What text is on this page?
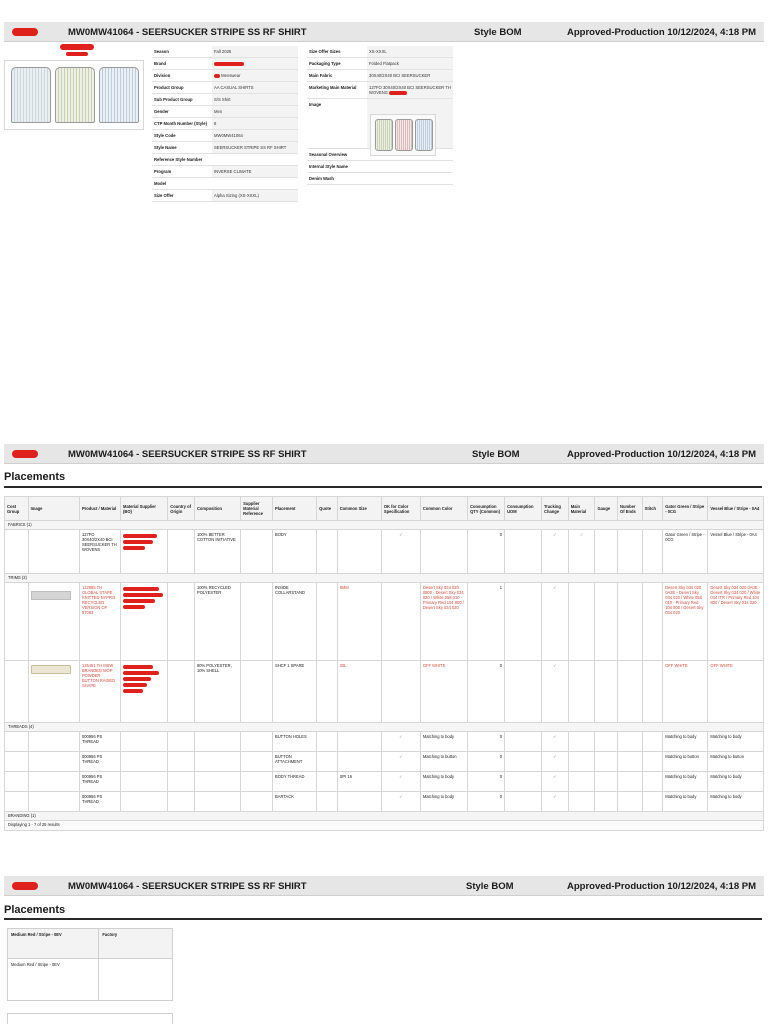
MW0MW41064 - SEERSUCKER STRIPE SS RF SHIRT	Style BOM	Approved-Production 10/12/2024, 4:18 PM
Season	Fall 2025
Brand
Division	Menswear
Product Group	AA CASUAL SHIRTS
Sub Product Group	S/S Shirt
Gender	Men
CTP Month Number (Style)	8
Style Code	MW0MW41064
Style Name	SEERSUCKER STRIPE SS RF SHIRT
Reference Style Number
Program	INVERSE CLIMATE
Model
Size Offer	Alpha Sizing (XS-XXXL)
Size Offer Sizes	XS-XXXL
Packaging Type	Folded Flatpack
Main Fabric	30X40/2X40 BCI SEERSUCKER
Marketing Main Material	127FO 30X40/2X40 BCI SEERSUCKER TH WOVENS
Image
Seasonal Overview
Internal Style Name
Denim Wash
MW0MW41064 - SEERSUCKER STRIPE SS RF SHIRT	Style BOM	Approved-Production 10/12/2024, 4:18 PM
Placements
Cost Group	Image	Product / Material	Material Supplier (BO)	Country of Origin	Composition	Supplier Material Reference	Placement	Quote	Common Size	OK for Color Specification	Common Color	Consumption QTY (Common)	Consumption UOM	Tracking Change	Main Material	Gauge	Number Of Ends	Stitch	Gator Green / Stripe - 0CG	Vessel Blue / Stripe - 0A4
FABRICS (1)																				
		127FO 30X40/2X40 BCI SEERSUCKER TH WOVENS			100% BETTER COTTON INITIATIVE		BODY			✓		0		✓	✓				Gator Green / Stripe - 0CG	Vessel Blue / Stripe - 0A4
TRIMS (2)																				

	122985 TH GLOBAL STAPE KNITTED NYPRO RECYCLED VERSION OF 97093			100% RECYCLED POLYESTER		INSIDE COLLARSTAND		8MM		Desert Sky 034 020 0800 - Desert Sky 034 020 / White 058 010 - Primary Red 104 800 / Desert Sky 034 020	1		✓					Desert Sky 034 020 0A3E - Desert Sky 034 020 / White 058 010 - Primary Red 104 800 / Desert Sky 034 020	Desert Sky 034 020 0A0E - Desert Sky 034 020 / White 034 ITR / Primary Red 104 800 / Desert Sky 034 020

	125451 TH MSW BRANDED MOP POWDER BUTTON RAISED SHAPE			90% POLYESTER, 10% SHELL		SHCF 1 SPARE		20L		OFF WHITE	0		✓					OFF WHITE	OFF WHITE
THREADS (4)																				
		000956 PS THREAD					BUTTON HOLES			✓	Matching to body	0		✓					Matching to body	Matching to body
		000956 PS THREAD					BUTTON ATTACHMENT			✓	Matching to button	0		✓					Matching to button	Matching to button
		000956 PS THREAD					BODY THREAD		SPI 16	✓	Matching to body	0		✓					Matching to body	Matching to body
		000956 PS THREAD					BARTACK			✓	Matching to body	0		✓					Matching to body	Matching to body
BRANDING (1)																				
Displaying 1 - 7 of 25 results																				
MW0MW41064 - SEERSUCKER STRIPE SS RF SHIRT	Style BOM	Approved-Production 10/12/2024, 4:18 PM
Placements
Medium Red / Stripe - 0EV	Factory
Medium Red / Stripe - 0EV	
